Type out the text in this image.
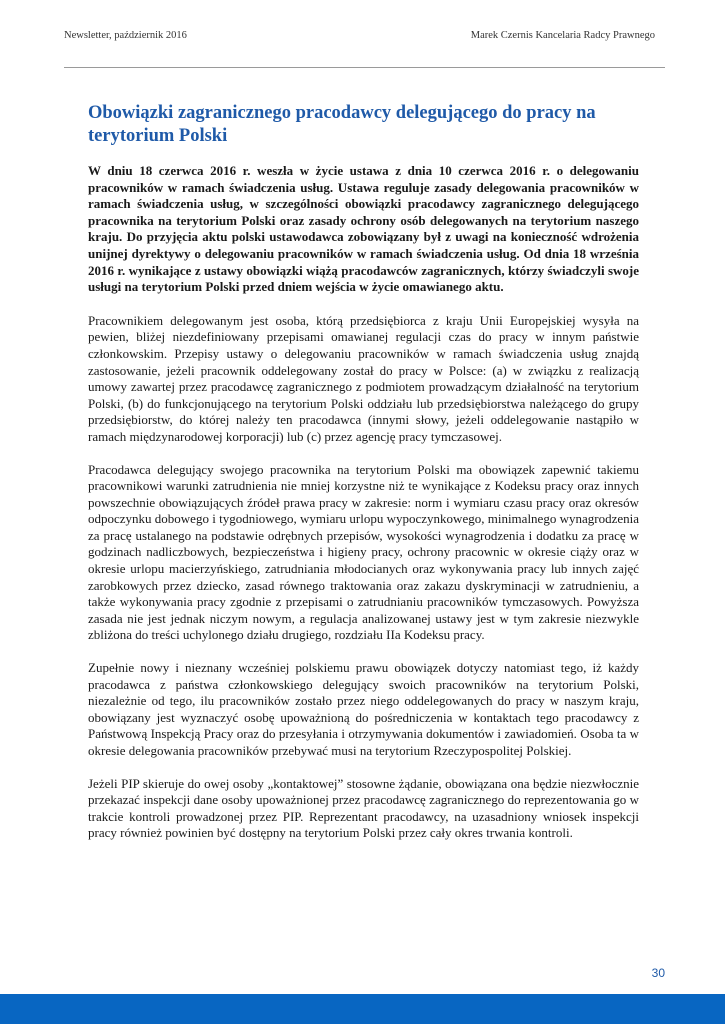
Newsletter, październik 2016	Marek Czernis Kancelaria Radcy Prawnego
Obowiązki zagranicznego pracodawcy delegującego do pracy na terytorium Polski

W dniu 18 czerwca 2016 r. weszła w życie ustawa z dnia 10 czerwca 2016 r. o delegowaniu pracowników w ramach świadczenia usług. Ustawa reguluje zasady delegowania pracowników w ramach świadczenia usług, w szczególności obowiązki pracodawcy zagranicznego delegującego pracownika na terytorium Polski oraz zasady ochrony osób delegowanych na terytorium naszego kraju. Do przyjęcia aktu polski ustawodawca zobowiązany był z uwagi na konieczność wdrożenia unijnej dyrektywy o delegowaniu pracowników w ramach świadczenia usług. Od dnia 18 września 2016 r. wynikające z ustawy obowiązki wiążą pracodawców zagranicznych, którzy świadczyli swoje usługi na terytorium Polski przed dniem wejścia w życie omawianego aktu.

Pracownikiem delegowanym jest osoba, którą przedsiębiorca z kraju Unii Europejskiej wysyła na pewien, bliżej niezdefiniowany przepisami omawianej regulacji czas do pracy w innym państwie członkowskim. Przepisy ustawy o delegowaniu pracowników w ramach świadczenia usług znajdą zastosowanie, jeżeli pracownik oddelegowany został do pracy w Polsce: (a) w związku z realizacją umowy zawartej przez pracodawcę zagranicznego z podmiotem prowadzącym działalność na terytorium Polski, (b) do funkcjonującego na terytorium Polski oddziału lub przedsiębiorstwa należącego do grupy przedsiębiorstw, do której należy ten pracodawca (innymi słowy, jeżeli oddelegowanie nastąpiło w ramach międzynarodowej korporacji) lub (c) przez agencję pracy tymczasowej.

Pracodawca delegujący swojego pracownika na terytorium Polski ma obowiązek zapewnić takiemu pracownikowi warunki zatrudnienia nie mniej korzystne niż te wynikające z Kodeksu pracy oraz innych powszechnie obowiązujących źródeł prawa pracy w zakresie: norm i wymiaru czasu pracy oraz okresów odpoczynku dobowego i tygodniowego, wymiaru urlopu wypoczynkowego, minimalnego wynagrodzenia za pracę ustalanego na podstawie odrębnych przepisów, wysokości wynagrodzenia i dodatku za pracę w godzinach nadliczbowych, bezpieczeństwa i higieny pracy, ochrony pracownic w okresie ciąży oraz w okresie urlopu macierzyńskiego, zatrudniania młodocianych oraz wykonywania pracy lub innych zajęć zarobkowych przez dziecko, zasad równego traktowania oraz zakazu dyskryminacji w zatrudnieniu, a także wykonywania pracy zgodnie z przepisami o zatrudnianiu pracowników tymczasowych. Powyższa zasada nie jest jednak niczym nowym, a regulacja analizowanej ustawy jest w tym zakresie niezwykle zbliżona do treści uchylonego działu drugiego, rozdziału IIa Kodeksu pracy.

Zupełnie nowy i nieznany wcześniej polskiemu prawu obowiązek dotyczy natomiast tego, iż każdy pracodawca z państwa członkowskiego delegujący swoich pracowników na terytorium Polski, niezależnie od tego, ilu pracowników zostało przez niego oddelegowanych do pracy w naszym kraju, obowiązany jest wyznaczyć osobę upoważnioną do pośredniczenia w kontaktach tego pracodawcy z Państwową Inspekcją Pracy oraz do przesyłania i otrzymywania dokumentów i zawiadomień. Osoba ta w okresie delegowania pracowników przebywać musi na terytorium Rzeczypospolitej Polskiej.

Jeżeli PIP skieruje do owej osoby „kontaktowej” stosowne żądanie, obowiązana ona będzie niezwłocznie przekazać inspekcji dane osoby upoważnionej przez pracodawcę zagranicznego do reprezentowania go w trakcie kontroli prowadzonej przez PIP. Reprezentant pracodawcy, na uzasadniony wniosek inspekcji pracy również powinien być dostępny na terytorium Polski przez cały okres trwania kontroli.

30
